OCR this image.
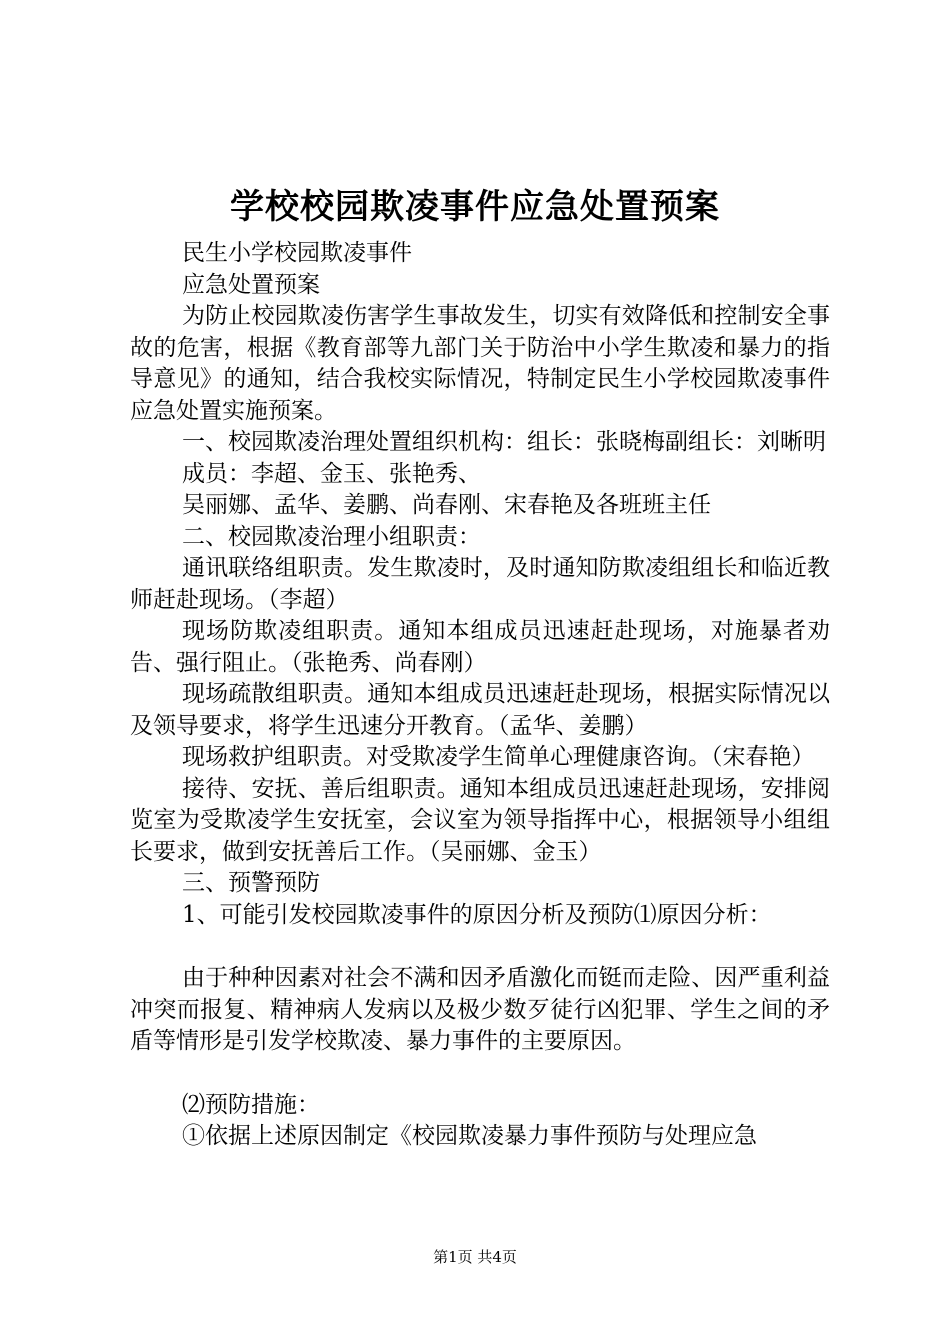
学校校园欺凌事件应急处置预案

民生小学校园欺凌事件

应急处置预案

为防止校园欺凌伤害学生事故发生，切实有效降低和控制安全事故的危害，根据《教育部等九部门关于防治中小学生欺凌和暴力的指导意见》的通知，结合我校实际情况，特制定民生小学校园欺凌事件应急处置实施预案。

一、校园欺凌治理处置组织机构：组长：张晓梅副组长：刘晰明

成员：李超、金玉、张艳秀、

吴丽娜、孟华、姜鹏、尚春刚、宋春艳及各班班主任

二、校园欺凌治理小组职责：

通讯联络组职责。发生欺凌时，及时通知防欺凌组组长和临近教师赶赴现场。（李超）

现场防欺凌组职责。通知本组成员迅速赶赴现场，对施暴者劝告、强行阻止。（张艳秀、尚春刚）

现场疏散组职责。通知本组成员迅速赶赴现场，根据实际情况以及领导要求，将学生迅速分开教育。（孟华、姜鹏）

现场救护组职责。对受欺凌学生简单心理健康咨询。（宋春艳）

接待、安抚、善后组职责。通知本组成员迅速赶赴现场，安排阅览室为受欺凌学生安抚室，会议室为领导指挥中心，根据领导小组组长要求，做到安抚善后工作。（吴丽娜、金玉）

三、预警预防

1、可能引发校园欺凌事件的原因分析及预防⑴原因分析：

由于种种因素对社会不满和因矛盾激化而铤而走险、因严重利益冲突而报复、精神病人发病以及极少数歹徒行凶犯罪、学生之间的矛盾等情形是引发学校欺凌、暴力事件的主要原因。

⑵预防措施：

①依据上述原因制定《校园欺凌暴力事件预防与处理应急

第1页 共4页
